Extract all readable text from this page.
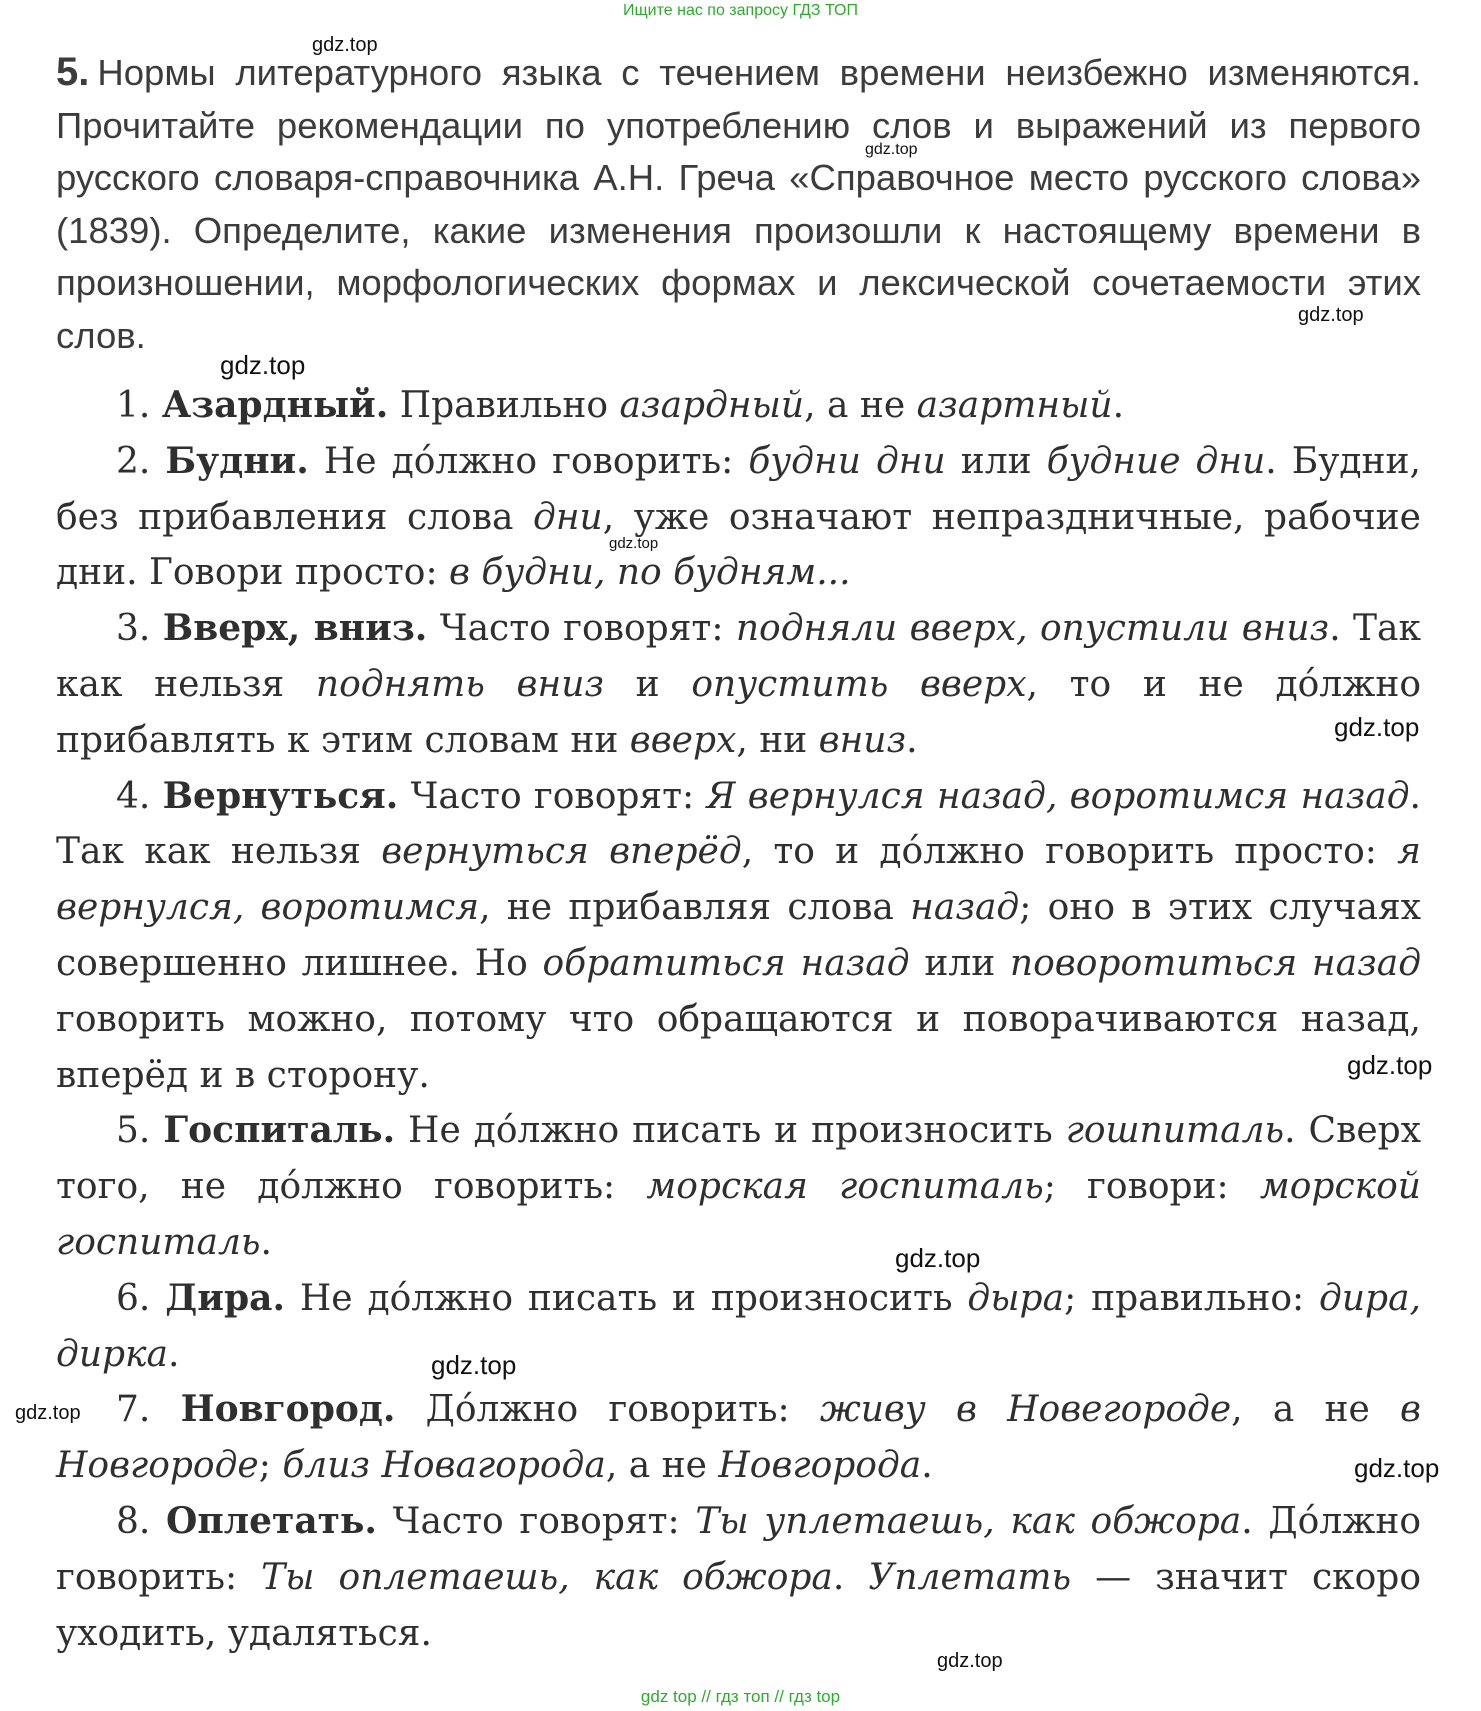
Ищите нас по запросу ГДЗ ТОП
5. Нормы литературного языка с течением времени неизбежно изменяются. Прочитайте рекомендации по употреблению слов и выражений из первого русского словаря-справочника А.Н. Греча «Справочное место русского слова» (1839). Определите, какие изменения произошли к настоящему времени в произношении, морфологических формах и лексической сочетаемости этих слов.

1. Азардный. Правильно азардный, а не азартный.

2. Будни. Не до́лжно говорить: будни дни или будние дни. Будни, без прибавления слова дни, уже означают непраздничные, рабочие дни. Говори просто: в будни, по будням...

3. Вверх, вниз. Часто говорят: подняли вверх, опустили вниз. Так как нельзя поднять вниз и опустить вверх, то и не до́лжно прибавлять к этим словам ни вверх, ни вниз.

4. Вернуться. Часто говорят: Я вернулся назад, воротимся назад. Так как нельзя вернуться вперёд, то и до́лжно говорить просто: я вернулся, воротимся, не прибавляя слова назад; оно в этих случаях совершенно лишнее. Но обратиться назад или поворотиться назад говорить можно, потому что обращаются и поворачиваются назад, вперёд и в сторону.

5. Госпиталь. Не до́лжно писать и произносить гошпиталь. Сверх того, не до́лжно говорить: морская госпиталь; говори: морской госпиталь.

6. Дира. Не до́лжно писать и произносить дыра; правильно: дира, дирка.

7. Новгород. До́лжно говорить: живу в Новегороде, а не в Новгороде; близ Новагорода, а не Новгорода.

8. Оплетать. Часто говорят: Ты уплетаешь, как обжора. До́лжно говорить: Ты оплетаешь, как обжора. Уплетать — значит скоро уходить, удаляться.

gdz.top
gdz.top
gdz.top
gdz.top
gdz.top
gdz.top
gdz.top
gdz.top
gdz.top
gdz.top
gdz.top
gdz.top
gdz top // гдз топ // гдз top
